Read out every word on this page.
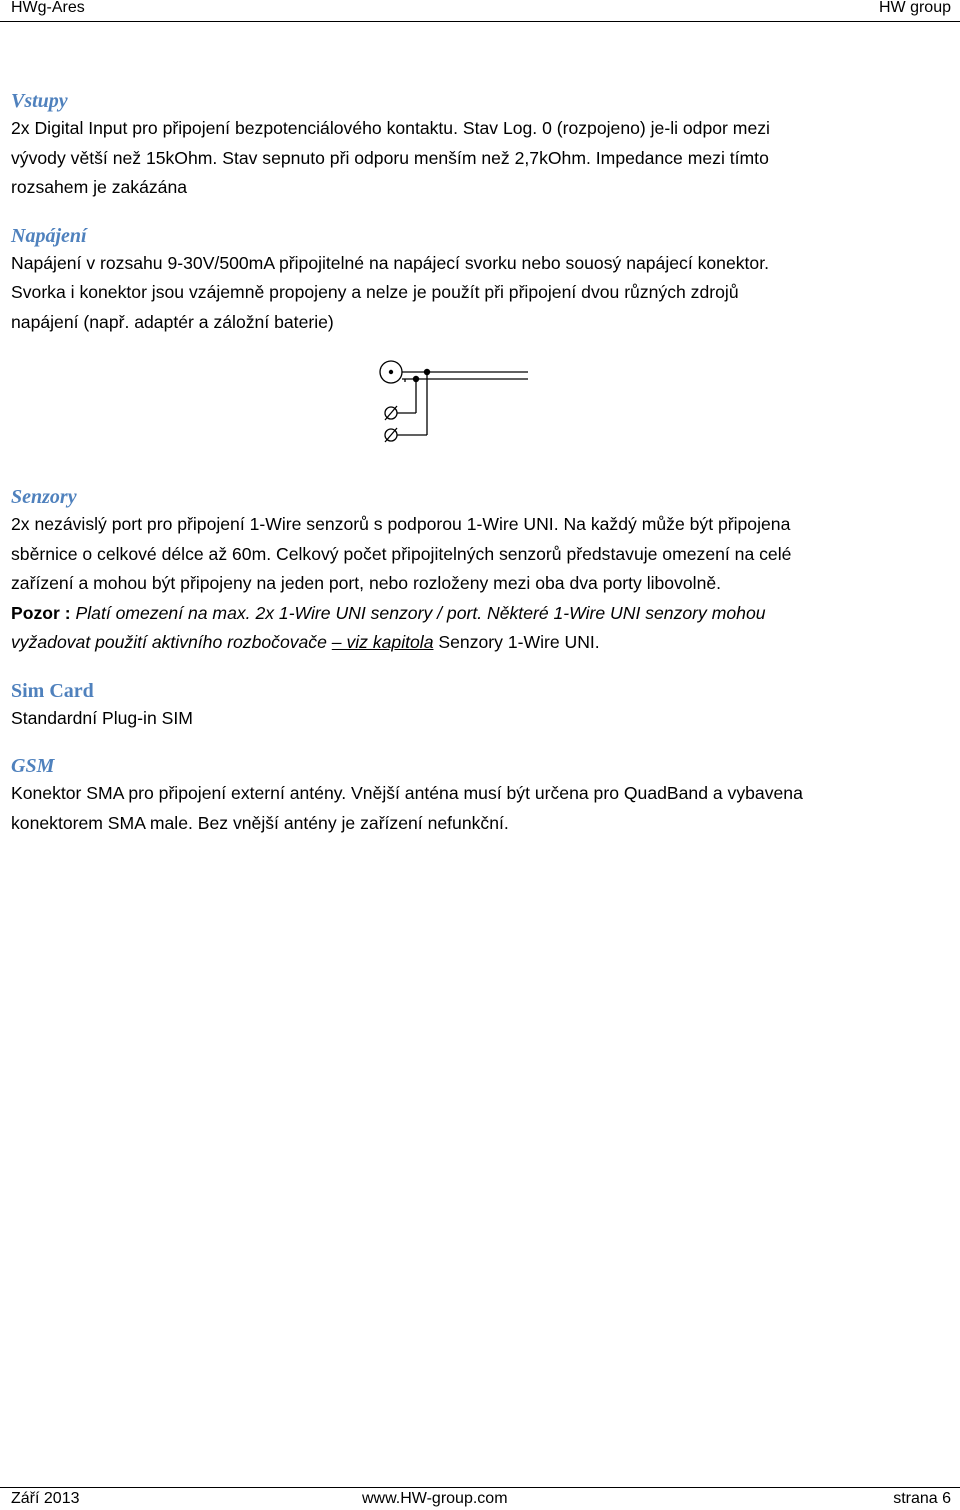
HWg-Ares	HW group
Vstupy

2x Digital Input pro připojení bezpotenciálového kontaktu. Stav Log. 0 (rozpojeno) je-li odpor mezi

vývody větší než 15kOhm. Stav sepnuto při odporu menším než 2,7kOhm. Impedance mezi tímto

rozsahem je zakázána

Napájení

Napájení v rozsahu 9-30V/500mA připojitelné na napájecí svorku nebo souosý napájecí konektor.

Svorka i konektor jsou vzájemně propojeny a nelze je použít při připojení dvou různých zdrojů

napájení (např. adaptér a záložní baterie)

Senzory

2x nezávislý port pro připojení 1-Wire senzorů s podporou 1-Wire UNI. Na každý může být připojena

sběrnice o celkové délce až 60m. Celkový počet připojitelných senzorů představuje omezení na celé

zařízení a mohou být připojeny na jeden port, nebo rozloženy mezi oba dva porty libovolně.

Pozor : Platí omezení na max. 2x 1-Wire UNI senzory / port. Některé 1-Wire UNI senzory mohou

vyžadovat použití aktivního rozbočovače – viz kapitola Senzory 1-Wire UNI.

Sim Card

Standardní Plug-in SIM

GSM

Konektor SMA pro připojení externí antény. Vnější anténa musí být určena pro QuadBand a vybavena

konektorem SMA male. Bez vnější antény je zařízení nefunkční.

Září 2013	www.HW-group.com	strana 6
